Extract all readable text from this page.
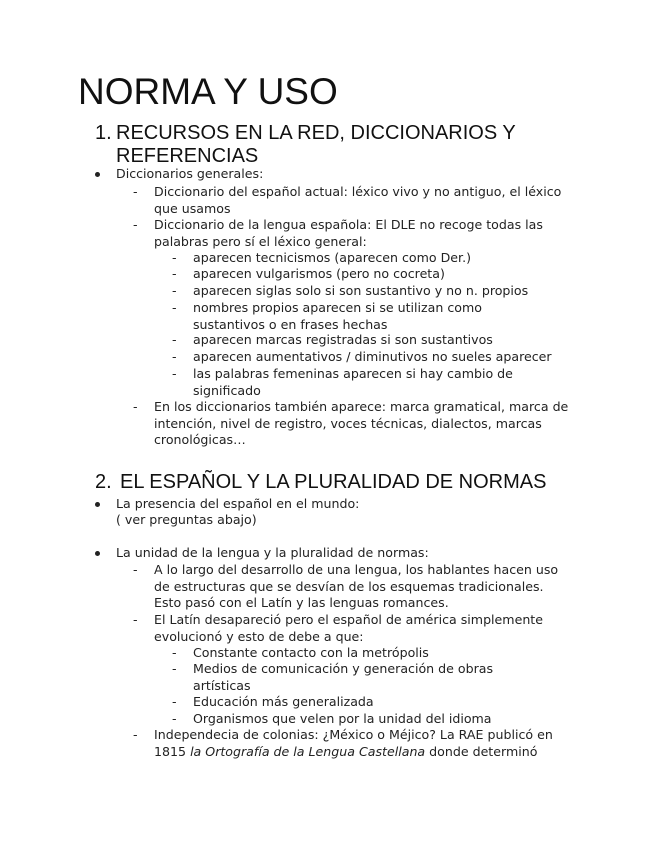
NORMA Y USO
1. RECURSOS EN LA RED, DICCIONARIOS Y
REFERENCIAS

Diccionarios generales:

- Diccionario del español actual: léxico vivo y no antiguo, el léxico que usamos

- Diccionario de la lengua española: El DLE no recoge todas las palabras pero sí el léxico general:

- aparecen tecnicismos (aparecen como Der.)

- aparecen vulgarismos (pero no cocreta)

- aparecen siglas solo si son sustantivo y no n. propios

- nombres propios aparecen si se utilizan como sustantivos o en frases hechas

- aparecen marcas registradas si son sustantivos

- aparecen aumentativos / diminutivos no sueles aparecer

- las palabras femeninas aparecen si hay cambio de significado

- En los diccionarios también aparece: marca gramatical, marca de intención, nivel de registro, voces técnicas, dialectos, marcas cronológicas…

2. EL ESPAÑOL Y LA PLURALIDAD DE NORMAS

La presencia del español en el mundo:

( ver preguntas abajo)

La unidad de la lengua y la pluralidad de normas:

- A lo largo del desarrollo de una lengua, los hablantes hacen uso de estructuras que se desvían de los esquemas tradicionales. Esto pasó con el Latín y las lenguas romances.

- El Latín desapareció pero el español de américa simplemente evolucionó y esto de debe a que:

- Constante contacto con la metrópolis

- Medios de comunicación y generación de obras artísticas

- Educación más generalizada

- Organismos que velen por la unidad del idioma

- Independecia de colonias: ¿México o Méjico? La RAE publicó en 1815 la Ortografía de la Lengua Castellana donde determinó
